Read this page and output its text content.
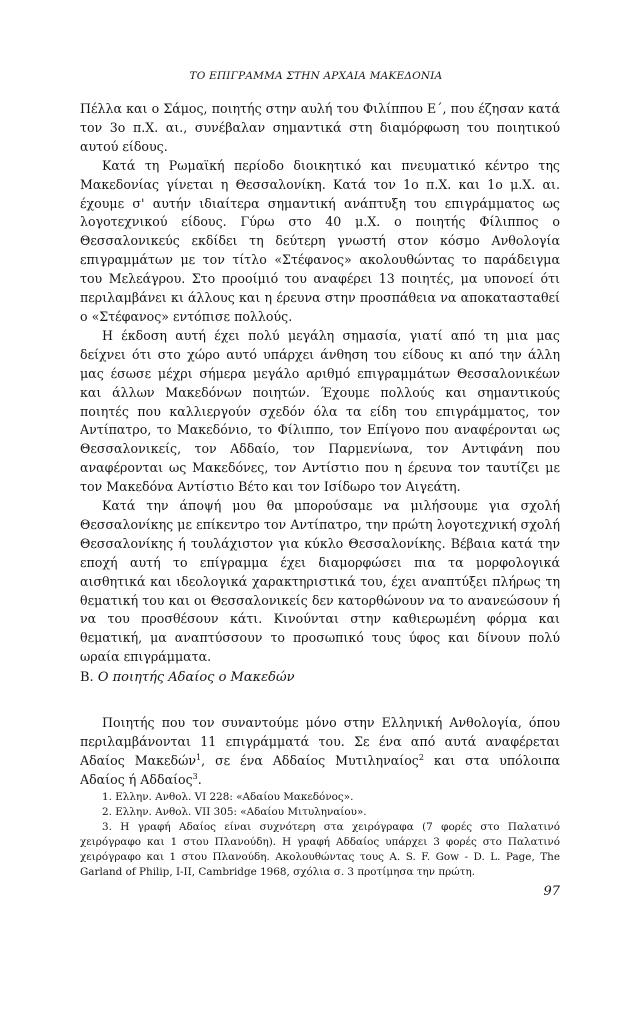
ΤΟ ΕΠΙΓΡΑΜΜΑ ΣΤΗΝ ΑΡΧΑΙΑ ΜΑΚΕΔΟΝΙΑ

Πέλλα και ο Σάμος, ποιητής στην αυλή του Φιλίππου Ε΄, που έζησαν κατά τον 3ο π.Χ. αι., συνέβαλαν σημαντικά στη διαμόρφωση του ποιητικού αυτού είδους.

Κατά τη Ρωμαϊκή περίοδο διοικητικό και πνευματικό κέντρο της Μακεδονίας γίνεται η Θεσσαλονίκη. Κατά τον 1ο π.Χ. και 1ο μ.Χ. αι. έχουμε σ' αυτήν ιδιαίτερα σημαντική ανάπτυξη του επιγράμματος ως λογοτεχνικού είδους. Γύρω στο 40 μ.Χ. ο ποιητής Φίλιππος ο Θεσσαλονικεύς εκδίδει τη δεύτερη γνωστή στον κόσμο Ανθολογία επιγραμμάτων με τον τίτλο «Στέφανος» ακολουθώντας το παράδειγμα του Μελεάγρου. Στο προοίμιό του αναφέρει 13 ποιητές, μα υπονοεί ότι περιλαμβάνει κι άλλους και η έρευνα στην προσπάθεια να αποκατασταθεί ο «Στέφανος» εντόπισε πολλούς.

Η έκδοση αυτή έχει πολύ μεγάλη σημασία, γιατί από τη μια μας δείχνει ότι στο χώρο αυτό υπάρχει άνθηση του είδους κι από την άλλη μας έσωσε μέχρι σήμερα μεγάλο αριθμό επιγραμμάτων Θεσσαλονικέων και άλλων Μακεδόνων ποιητών. Έχουμε πολλούς και σημαντικούς ποιητές που καλλιεργούν σχεδόν όλα τα είδη του επιγράμματος, τον Αντίπατρο, το Μακεδόνιο, το Φίλιππο, τον Επίγονο που αναφέρονται ως Θεσσαλονικείς, τον Αδδαίο, τον Παρμενίωνα, τον Αντιφάνη που αναφέρονται ως Μακεδόνες, τον Αντίστιο που η έρευνα τον ταυτίζει με τον Μακεδόνα Αντίστιο Βέτο και τον Ισίδωρο τον Αιγεάτη.

Κατά την άποψή μου θα μπορούσαμε να μιλήσουμε για σχολή Θεσσαλονίκης με επίκεντρο τον Αντίπατρο, την πρώτη λογοτεχνική σχολή Θεσσαλονίκης ή τουλάχιστον για κύκλο Θεσσαλονίκης. Βέβαια κατά την εποχή αυτή το επίγραμμα έχει διαμορφώσει πια τα μορφολογικά αισθητικά και ιδεολογικά χαρακτηριστικά του, έχει αναπτύξει πλήρως τη θεματική του και οι Θεσσαλονικείς δεν κατορθώνουν να το ανανεώσουν ή να του προσθέσουν κάτι. Κινούνται στην καθιερωμένη φόρμα και θεματική, μα αναπτύσσουν το προσωπικό τους ύφος και δίνουν πολύ ωραία επιγράμματα.

Β. Ο ποιητής Αδαίος ο Μακεδών

Ποιητής που τον συναντούμε μόνο στην Ελληνική Ανθολογία, όπου περιλαμβάνονται 11 επιγράμματά του. Σε ένα από αυτά αναφέρεται Αδαίος Μακεδών$^1$, σε ένα Αδδαίος Μυτιληναίος$^2$ και στα υπόλοιπα Αδαίος ή Αδδαίος$^3$.

1. Ελλην. Ανθολ. VI 228: «Αδαίου Μακεδόνος».

2. Ελλην. Ανθολ. VII 305: «Αδαίου Μιτυληναίου».

3. Η γραφή Αδαίος είναι συχνότερη στα χειρόγραφα (7 φορές στο Παλατινό χειρόγραφο και 1 στου Πλανούδη). Η γραφή Αδδαίος υπάρχει 3 φορές στο Παλατινό χειρόγραφο και 1 στου Πλανούδη. Ακολουθώντας τους A. S. F. Gow - D. L. Page, The Garland of Philip, I-II, Cambridge 1968, σχόλια σ. 3 προτίμησα την πρώτη.

97
